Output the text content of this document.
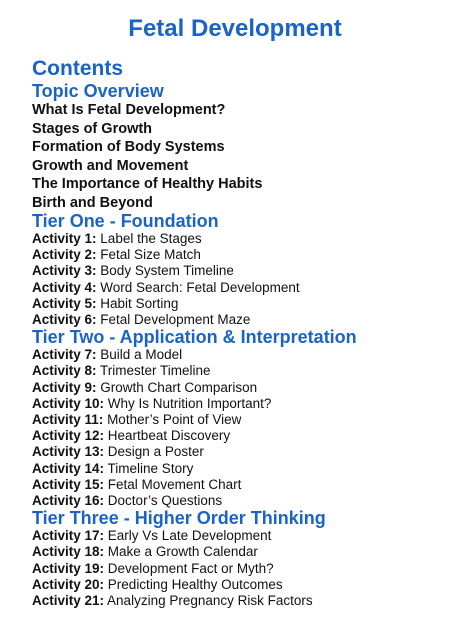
Fetal Development
Contents
Topic Overview
What Is Fetal Development?
Stages of Growth
Formation of Body Systems
Growth and Movement
The Importance of Healthy Habits
Birth and Beyond
Tier One - Foundation
Activity 1: Label the Stages
Activity 2: Fetal Size Match
Activity 3: Body System Timeline
Activity 4: Word Search: Fetal Development
Activity 5: Habit Sorting
Activity 6: Fetal Development Maze
Tier Two - Application & Interpretation
Activity 7: Build a Model
Activity 8: Trimester Timeline
Activity 9: Growth Chart Comparison
Activity 10: Why Is Nutrition Important?
Activity 11: Mother’s Point of View
Activity 12: Heartbeat Discovery
Activity 13: Design a Poster
Activity 14: Timeline Story
Activity 15: Fetal Movement Chart
Activity 16: Doctor’s Questions
Tier Three - Higher Order Thinking
Activity 17: Early Vs Late Development
Activity 18: Make a Growth Calendar
Activity 19: Development Fact or Myth?
Activity 20: Predicting Healthy Outcomes
Activity 21: Analyzing Pregnancy Risk Factors
